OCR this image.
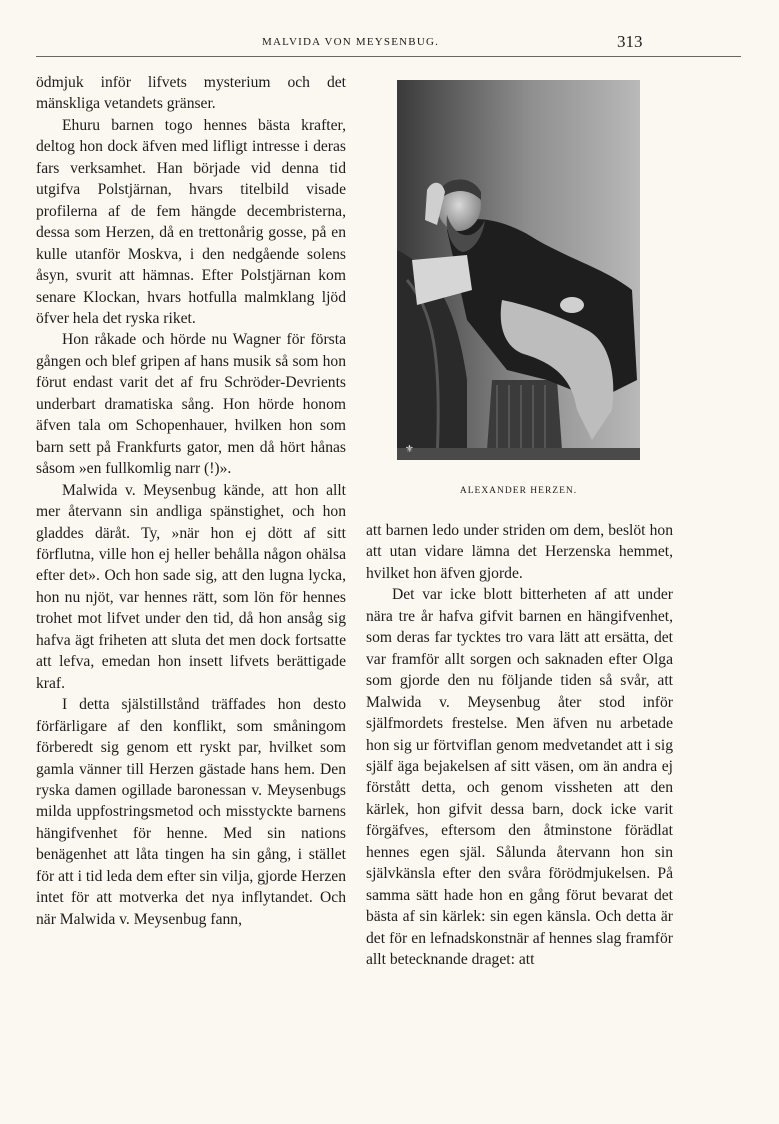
MALVIDA VON MEYSENBUG.	313

ödmjuk inför lifvets mysterium och det mänskliga vetandets gränser.

Ehuru barnen togo hennes bästa krafter, deltog hon dock äfven med lifligt intresse i deras fars verksamhet. Han började vid denna tid utgifva Polstjärnan, hvars titelbild visade profilerna af de fem hängde decembristerna, dessa som Herzen, då en trettonårig gosse, på en kulle utanför Moskva, i den nedgående solens åsyn, svurit att hämnas. Efter Polstjärnan kom senare Klockan, hvars hotfulla malmklang ljöd öfver hela det ryska riket.

Hon råkade och hörde nu Wagner för första gången och blef gripen af hans musik så som hon förut endast varit det af fru Schröder-Devrients underbart dramatiska sång. Hon hörde honom äfven tala om Schopenhauer, hvilken hon som barn sett på Frankfurts gator, men då hört hånas såsom »en fullkomlig narr (!)».

Malwida v. Meysenbug kände, att hon allt mer återvann sin andliga spänstighet, och hon gladdes däråt. Ty, »när hon ej dött af sitt förflutna, ville hon ej heller behålla någon ohälsa efter det». Och hon sade sig, att den lugna lycka, hon nu njöt, var hennes rätt, som lön för hennes trohet mot lifvet under den tid, då hon ansåg sig hafva ägt friheten att sluta det men dock fortsatte att lefva, emedan hon insett lifvets berättigade kraf.

I detta själstillstånd träffades hon desto förfärligare af den konflikt, som småningom förberedt sig genom ett ryskt par, hvilket som gamla vänner till Herzen gästade hans hem. Den ryska damen ogillade baronessan v. Meysenbugs milda uppfostringsmetod och misstyckte barnens hängifvenhet för henne. Med sin nations benägenhet att låta tingen ha sin gång, i stället för att i tid leda dem efter sin vilja, gjorde Herzen intet för att motverka det nya inflytandet. Och när Malwida v. Meysenbug fann,

⚜
ALEXANDER HERZEN.

att barnen ledo under striden om dem, beslöt hon att utan vidare lämna det Herzenska hemmet, hvilket hon äfven gjorde.

Det var icke blott bitterheten af att under nära tre år hafva gifvit barnen en hängifvenhet, som deras far tycktes tro vara lätt att ersätta, det var framför allt sorgen och saknaden efter Olga som gjorde den nu följande tiden så svår, att Malwida v. Meysenbug åter stod inför själfmordets frestelse. Men äfven nu arbetade hon sig ur förtviflan genom medvetandet att i sig själf äga bejakelsen af sitt väsen, om än andra ej förstått detta, och genom vissheten att den kärlek, hon gifvit dessa barn, dock icke varit förgäfves, eftersom den åtminstone förädlat hennes egen själ. Sålunda återvann hon sin självkänsla efter den svåra förödmjukelsen. På samma sätt hade hon en gång förut bevarat det bästa af sin kärlek: sin egen känsla. Och detta är det för en lefnadskonstnär af hennes slag framför allt betecknande draget: att
